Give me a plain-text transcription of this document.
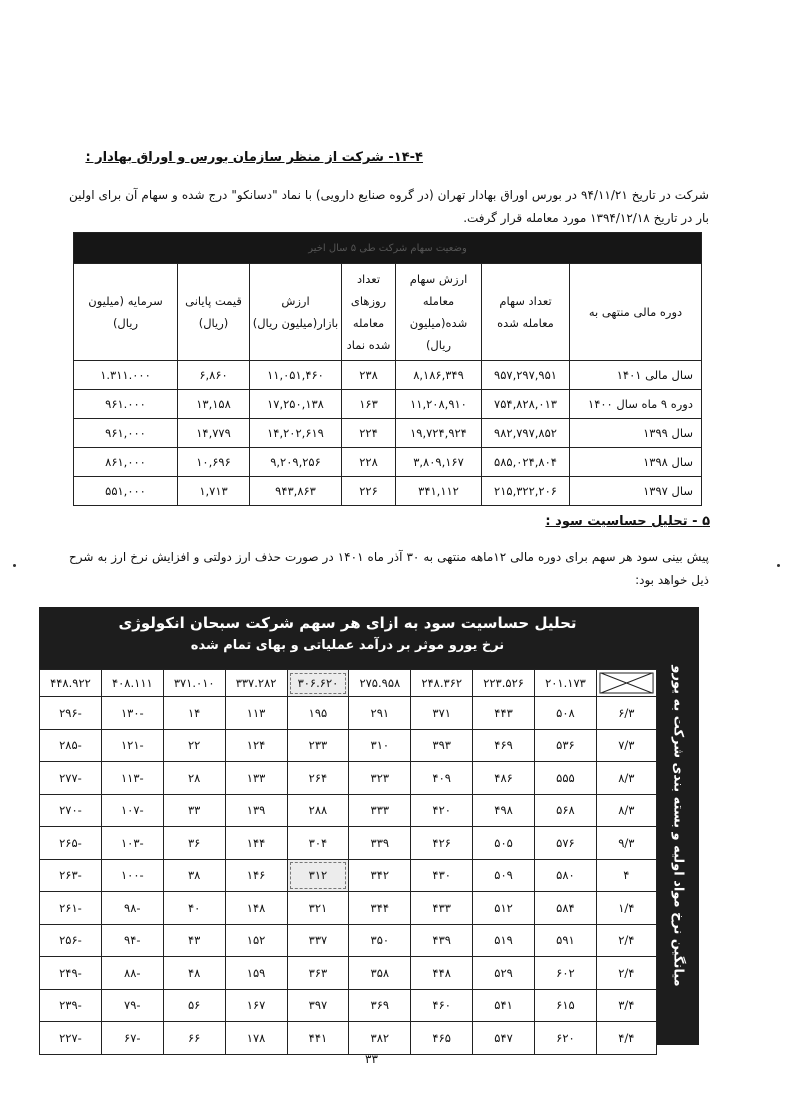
۱۴-۴- شرکت از منظر سازمان بورس و اوراق بهادار :
شرکت در تاریخ ۹۴/۱۱/۲۱ در بورس اوراق بهادار تهران (در گروه صنایع دارویی) با نماد "دسانکو" درج شده و سهام آن برای اولین بار در تاریخ ۱۳۹۴/۱۲/۱۸ مورد معامله قرار گرفت.
وضعیت سهام شرکت طی ۵ سال اخیر						
دوره مالی منتهی به	تعداد سهام معامله شده	ارزش سهام معامله شده(میلیون ریال)	تعداد روزهای معامله شده نماد	ارزش بازار(میلیون ریال)	قیمت پایانی (ریال)	سرمایه (میلیون ریال)
سال مالی ۱۴۰۱	۹۵۷,۲۹۷,۹۵۱	۸,۱۸۶,۳۴۹	۲۳۸	۱۱,۰۵۱,۴۶۰	۶,۸۶۰	۱.۳۱۱.۰۰۰
دوره ۹ ماه سال ۱۴۰۰	۷۵۴,۸۲۸,۰۱۳	۱۱,۲۰۸,۹۱۰	۱۶۳	۱۷,۲۵۰,۱۳۸	۱۳,۱۵۸	۹۶۱.۰۰۰
سال ۱۳۹۹	۹۸۲,۷۹۷,۸۵۲	۱۹,۷۲۴,۹۲۴	۲۲۴	۱۴,۲۰۲,۶۱۹	۱۴,۷۷۹	۹۶۱,۰۰۰
سال ۱۳۹۸	۵۸۵,۰۲۴,۸۰۴	۳,۸۰۹,۱۶۷	۲۲۸	۹,۲۰۹,۲۵۶	۱۰,۶۹۶	۸۶۱,۰۰۰
سال ۱۳۹۷	۲۱۵,۳۲۲,۲۰۶	۳۴۱,۱۱۲	۲۲۶	۹۴۳,۸۶۳	۱,۷۱۳	۵۵۱,۰۰۰
۵ - تحلیل حساسیت سود :
پیش بینی سود هر سهم برای دوره مالی ۱۲ماهه منتهی به ۳۰ آذر ماه ۱۴۰۱ در صورت حذف ارز دولتی و افزایش نرخ ارز به شرح ذیل خواهد بود:
تحلیل حساسیت سود به ازای هر سهم شرکت سبحان انکولوژی
نرخ یورو موثر بر درآمد عملیاتی و بهای تمام شده
میانگین نرخ مواد اولیه و بسته بندی شرکت به یورو
	۲۰۱.۱۷۳	۲۲۳.۵۲۶	۲۴۸.۳۶۲	۲۷۵.۹۵۸	۳۰۶.۶۲۰	۳۳۷.۲۸۲	۳۷۱.۰۱۰	۴۰۸.۱۱۱	۴۴۸.۹۲۲
۶/۳	۵۰۸	۴۴۳	۳۷۱	۲۹۱	۱۹۵	۱۱۳	۱۴	-۱۳۰	-۲۹۶
۷/۳	۵۳۶	۴۶۹	۳۹۳	۳۱۰	۲۳۳	۱۲۴	۲۲	-۱۲۱	-۲۸۵
۸/۳	۵۵۵	۴۸۶	۴۰۹	۳۲۳	۲۶۴	۱۳۳	۲۸	-۱۱۳	-۲۷۷
۸/۳	۵۶۸	۴۹۸	۴۲۰	۳۳۳	۲۸۸	۱۳۹	۳۳	-۱۰۷	-۲۷۰
۹/۳	۵۷۶	۵۰۵	۴۲۶	۳۳۹	۳۰۴	۱۴۴	۳۶	-۱۰۳	-۲۶۵
۴	۵۸۰	۵۰۹	۴۳۰	۳۴۲	۳۱۲	۱۴۶	۳۸	-۱۰۰	-۲۶۳
۱/۴	۵۸۴	۵۱۲	۴۳۳	۳۴۴	۳۲۱	۱۴۸	۴۰	-۹۸	-۲۶۱
۲/۴	۵۹۱	۵۱۹	۴۳۹	۳۵۰	۳۳۷	۱۵۲	۴۳	-۹۴	-۲۵۶
۲/۴	۶۰۲	۵۲۹	۴۴۸	۳۵۸	۳۶۳	۱۵۹	۴۸	-۸۸	-۲۴۹
۳/۴	۶۱۵	۵۴۱	۴۶۰	۳۶۹	۳۹۷	۱۶۷	۵۶	-۷۹	-۲۳۹
۴/۴	۶۲۰	۵۴۷	۴۶۵	۳۸۲	۴۴۱	۱۷۸	۶۶	-۶۷	-۲۲۷
۳۳
